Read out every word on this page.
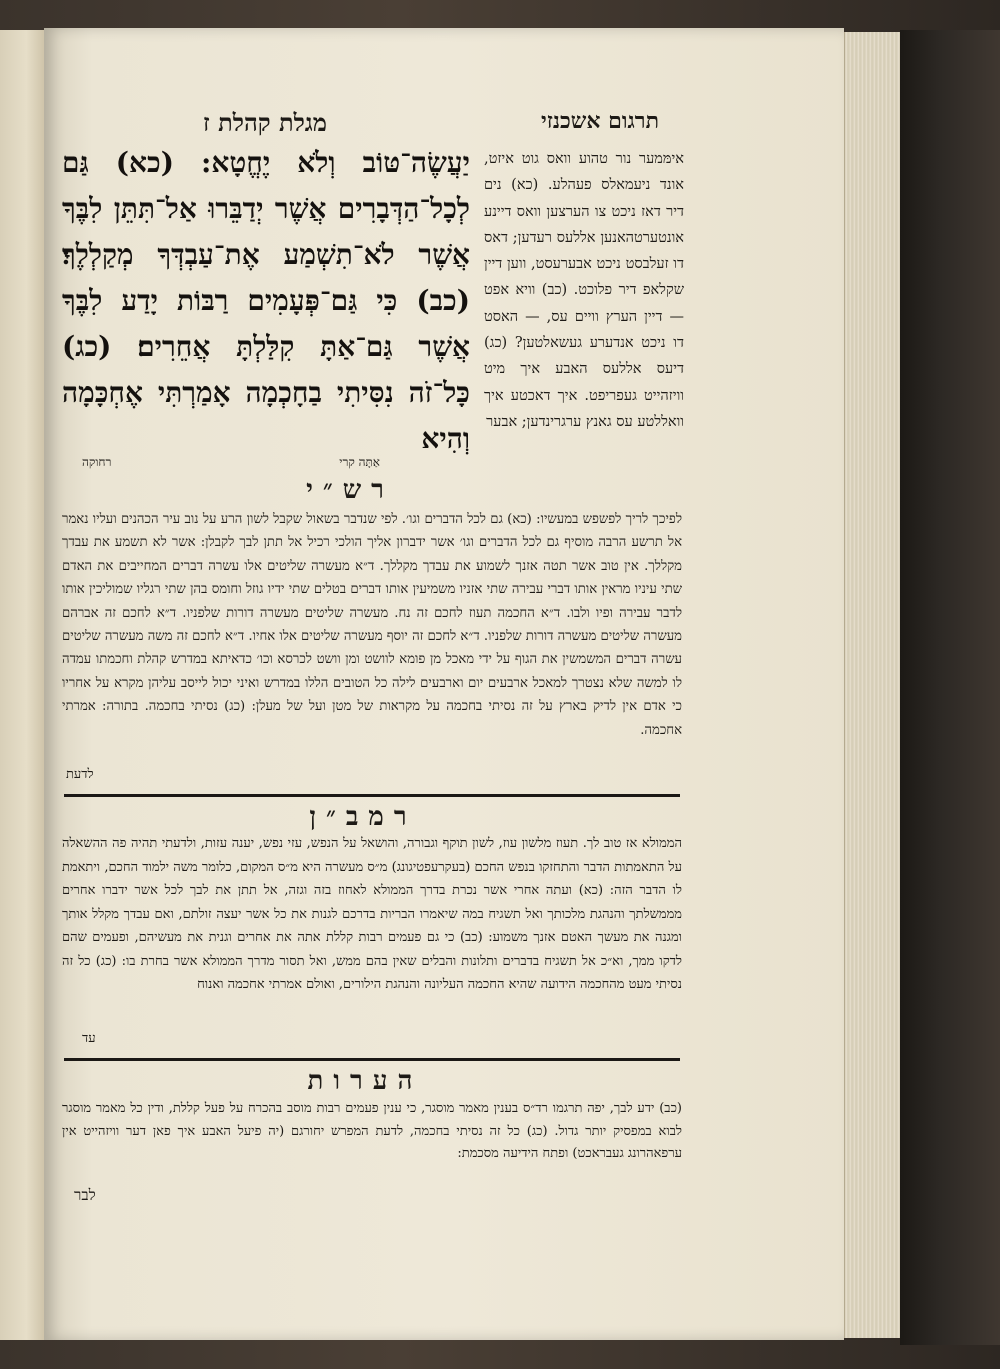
תרגום אשכנזי
מגלת קהלת ז
יַעֲשֶׂה־טּוֹב וְלֹא יֶחֱטָא: (כא) גַּם לְכָל־הַדְּבָרִים אֲשֶׁר יְדַבֵּרוּ אַל־תִּתֵּן לִבֶּךָ אֲשֶׁר לֹא־תִשְׁמַע אֶת־עַבְדְּךָ מְקַלְלֶךָ׃ (כב) כִּי גַּם־פְּעָמִים רַבּוֹת יָדַע לִבֶּךָ אֲשֶׁר גַּם־אַתָּ קִלַּלְתָּ אֲחֵרִים׃ (כג) כָּל־זֹה נִסִּיתִי בַחָכְמָה אָמַרְתִּי אֶחְכָּמָה וְהִיא
אַתָּה קרי
רחוקה
אימּמער נור טהוע וואס גוט איזט, אונד ניעמאלס פעהלע. (כא) נים דיר דאז ניכט צו הערצען וואס דיינע אונטערטהאנען אללעס רעדען; דאס דו זעלבסט ניכט אבערעסט, ווען דיין שקלאפ דיר פלוכט. (כב) וויא אפט — דיין הערץ וויים עס, — האסט דו ניכט אנדערע געשאלטען? (כג) דיעס אללעס האבע איך מיט וויזהייט געפריפט. איך דאכטע איך וואללטע עס גאנץ ערגרינדען; אבער
רש״י
לפיכך לריך לפשפש במעשיו: (כא) גם לכל הדברים וגו׳. לפי שנדבר בשאול שקבל לשון הרע על נוב עיר הכהנים ועליו נאמר אל תרשע הרבה מוסיף גם לכל הדברים וגו׳ אשר ידברון אליך הולכי רכיל אל תתן לבך לקבלן: אשר לא תשמע את עבדך מקללך. אין טוב אשר תטה אזנך לשמוע את עבדך מקללך. ד״א מעשרה שליטים אלו עשרה דברים המחייבים את האדם שתי עיניו מראין אותו דברי עבירה שתי אזניו משמיעין אותו דברים בטלים שתי ידיו גוזל וחומס בהן שתי רגליו שמוליכין אותו לדבר עבירה ופיו ולבו. ד״א החכמה תעוז לחכם זה נח. מעשרה שליטים מעשרה דורות שלפניו. ד״א לחכם זה אברהם מעשרה שליטים מעשרה דורות שלפניו. ד״א לחכם זה יוסף מעשרה שליטים אלו אחיו. ד״א לחכם זה משה מעשרה שליטים עשרה דברים המשמשין את הגוף על ידי מאכל מן פומא לוושט ומן וושט לכרסא וכו׳ כדאיתא במדרש קהלת וחכמתו עמדה לו למשה שלא נצטרך למאכל ארבעים יום וארבעים לילה כל הטובים הללו במדרש ואיני יכול לייסב עליהן מקרא על אחריו כי אדם אין לדיק בארץ על זה נסיתי בחכמה על מקראות של מטן ועל של מעלן: (כג) נסיתי בחכמה. בתורה: אמרתי אחכמה.
לדעת
רמב״ן
הממולא אז טוב לך. תעוז מלשון עוז, לשון תוקף וגבורה, והושאל על הנפש, עזי נפש, יענה עזות, ולדעתי תהיה פה ההשאלה על התאמתות הדבר והתחזקו בנפש החכם (בעקרעפטיגונג) מ״ס מעשרה היא מ״ס המקום, כלומר משה ילמוד החכם, ויתאמת לו הדבר הזה: (כא) ועתה אחרי אשר נכרת בדרך הממולא לאחוז בזה וגזה, אל תתן את לבך לכל אשר ידברו אחרים מממשלתך והנהגת מלכותך ואל תשגיח במה שיאמרו הבריות בדרכם לגנות את כל אשר יעצה זולתם, ואם עבדך מקלל אותך ומגנה את מעשך האטם אזנך משמוע: (כב) כי גם פעמים רבות קללת אתה את אחרים וגנית את מעשיהם, ופעמים שהם לדקו ממך, וא״כ אל תשגיח בדברים ותלונות והבלים שאין בהם ממש, ואל תסור מדרך הממולא אשר בחרת בו: (כג) כל זה נסיתי מעט מהחכמה הידועה שהיא החכמה העליונה והנהגת הילורים, ואולם אמרתי אחכמה ואנוח
עד
הערות
(כב) ידע לבך, יפה תרגמו רד״ס בענין מאמר מוסגר, כי ענין פעמים רבות מוסב בהכרח על פעל קללת, ודין כל מאמר מוסגר לבוא במפסיק יותר גדול. (כג) כל זה נסיתי בחכמה, לדעת המפרש יחורגם (יה פיעל האבע איך פאן דער וויזהייט אין ערפאהרונג געבראכט) ופתח הידיעה מסכמת:
לבר
